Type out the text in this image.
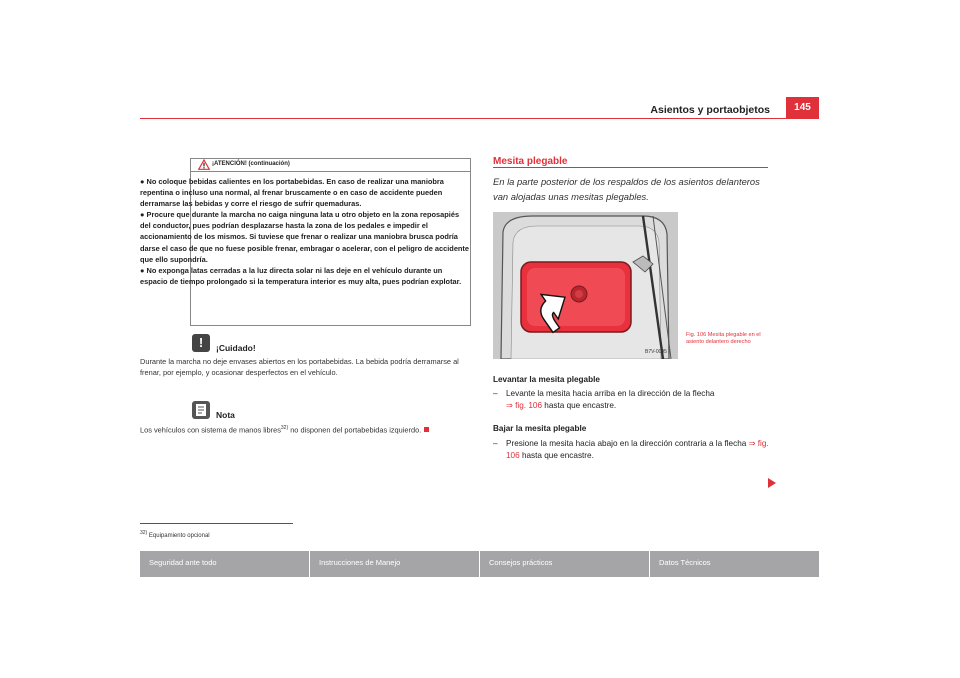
Asientos y portaobjetos	145
¡ATENCIÓN! (continuación)

● No coloque bebidas calientes en los portabebidas. En caso de realizar una maniobra repentina o incluso una normal, al frenar bruscamente o en caso de accidente pueden derramarse las bebidas y corre el riesgo de sufrir quemaduras.

● Procure que durante la marcha no caiga ninguna lata u otro objeto en la zona reposapiés del conductor, pues podrían desplazarse hasta la zona de los pedales e impedir el accionamiento de los mismos. Si tuviese que frenar o realizar una maniobra brusca podría darse el caso de que no fuese posible frenar, embragar o acelerar, con el peligro de accidente que ello supondría.

● No exponga latas cerradas a la luz directa solar ni las deje en el vehículo durante un espacio de tiempo prolongado si la temperatura interior es muy alta, pues podrían explotar.

!	¡Cuidado!
Durante la marcha no deje envases abiertos en los portabebidas. La bebida podría derramarse al frenar, por ejemplo, y ocasionar desperfectos en el vehículo.
Nota
Los vehículos con sistema de manos libres$^{32)}$ no disponen del portabebidas izquierdo.
$^{32)}$ Equipamiento opcional
Mesita plegable
En la parte posterior de los respaldos de los asientos delanteros van alojadas unas mesitas plegables.
B7V-0095
Fig. 106 Mesita plegable en el asiento delantero derecho
Levantar la mesita plegable
– Levante la mesita hacia arriba en la dirección de la flecha
⇒ fig. 106 hasta que encastre.
Bajar la mesita plegable
– Presione la mesita hacia abajo en la dirección contraria a la flecha ⇒ fig. 106 hasta que encastre.
Seguridad ante todo	Instrucciones de Manejo	Consejos prácticos	Datos Técnicos
